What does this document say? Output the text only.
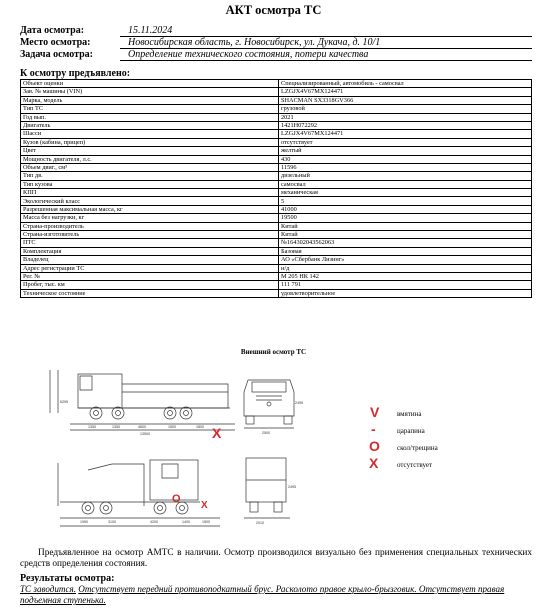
АКТ осмотра ТС
Дата осмотра:	15.11.2024
Место осмотра:	Новосибирская область, г. Новосибирск, ул. Дукача, д. 10/1
Задача осмотра:	Определение технического состояния, потери качества
К осмотру предъявлено:
Объект оценки	Специализированный, автомобиль - самосвал
Зав. № машины (VIN)	LZGJX4V67MX124471
Марка, модель	SHACMAN SX3318GV366
Тип ТС	грузовой
Год вып.	2021
Двигатель	1421H072292
Шасси	LZGJX4V67MX124471
Кузов (кабина, прицеп)	отсутствует
Цвет	желтый
Мощность двигателя, л.с.	430
Объем двиг., см³	11596
Тип дв.	дизельный
Тип кузова	самосвал
КПП	механическая
Экологический класс	5
Разрешенная максимальная масса, кг	41000
Масса без нагрузки, кг	19500
Страна-производитель	Китай
Страна-изготовитель	Китай
ПТС	№164302043562063
Комплектация	Базовая
Владелец	АО «Сбербанк Лизинг»
Адрес регистрации ТС	н/д
Рег. №	М 205 НК 142
Пробег, тыс. км	111 791
Техническое состояние	удовлетворительное
Внешний осмотр ТС
6295
1350	1350	4600	1500	1800
13500
1950	3100	4200	1400	1500
2500
2495
2010
2495
X
O
X
V
-
O
X
вмятина
царапина
скол/трещина
отсутствует
Предъявленное на осмотр АМТС в наличии. Осмотр производился визуально без применения специальных технических средств определения состояния.
Результаты осмотра:
ТС заводится. Отсутствует передний противоподкатный брус. Расколото правое крыло-брызговик. Отсутствует правая подъемная ступенька.
